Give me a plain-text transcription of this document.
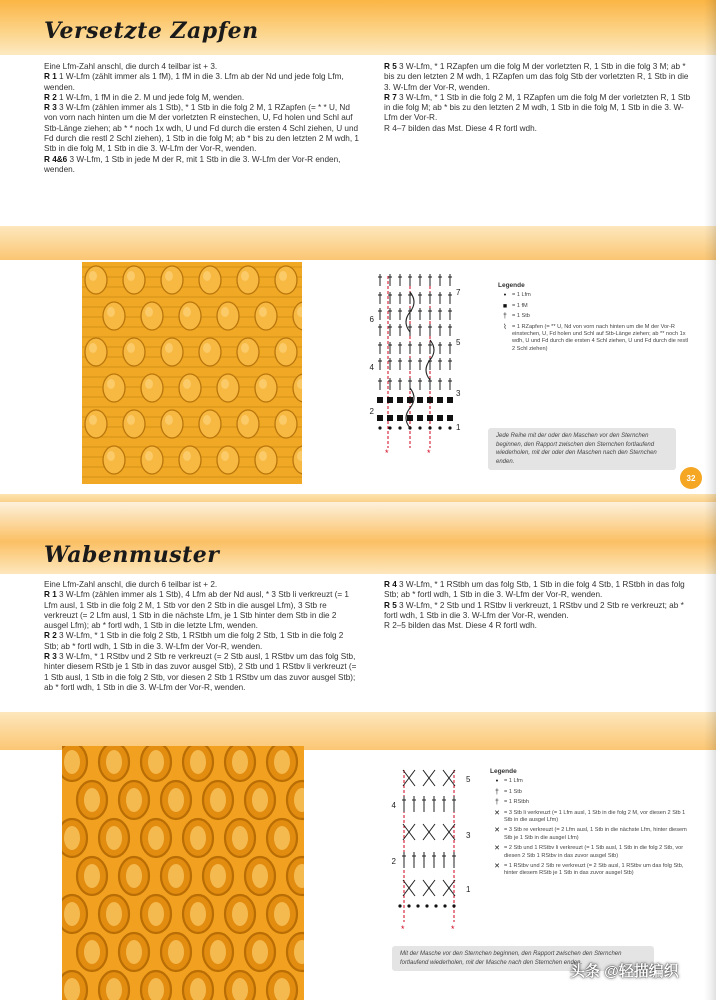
Versetzte Zapfen

Eine Lfm-Zahl anschl, die durch 4 teilbar ist + 3.

R 1 1 W-Lfm (zählt immer als 1 fM), 1 fM in die 3. Lfm ab der Nd und jede folg Lfm, wenden.

R 2 1 W-Lfm, 1 fM in die 2. M und jede folg M, wenden.

R 3 3 W-Lfm (zählen immer als 1 Stb), * 1 Stb in die folg 2 M, 1 RZapfen (= * * U, Nd von vorn nach hinten um die M der vorletzten R einstechen, U, Fd holen und Schl auf Stb-Länge ziehen; ab * * noch 1x wdh, U und Fd durch die ersten 4 Schl ziehen, U und Fd durch die restl 2 Schl ziehen), 1 Stb in die folg M; ab * bis zu den letzten 2 M wdh, 1 Stb in die folg M, 1 Stb in die 3. W-Lfm der Vor-R, wenden.

R 4&6 3 W-Lfm, 1 Stb in jede M der R, mit 1 Stb in die 3. W-Lfm der Vor-R enden, wenden.

R 5 3 W-Lfm, * 1 RZapfen um die folg M der vorletzten R, 1 Stb in die folg 3 M; ab * bis zu den letzten 2 M wdh, 1 RZapfen um das folg Stb der vorletzten R, 1 Stb in die 3. W-Lfm der Vor-R, wenden.

R 7 3 W-Lfm, * 1 Stb in die folg 2 M, 1 RZapfen um die folg M der vorletzten R, 1 Stb in die folg M; ab * bis zu den letzten 2 M wdh, 1 Stb in die folg M, 1 Stb in die 3. W-Lfm der Vor-R.

R 4–7 bilden das Mst. Diese 4 R fortl wdh.

6
4
2
7
5
3
1
*	*
Legende
•	= 1 Lfm
■ = 1 fM
† = 1 Stb
⌇ = 1 RZapfen (= ** U, Nd von vorn nach hinten um die M der Vor-R einstechen, U, Fd holen und Schl auf Stb-Länge ziehen; ab ** noch 1x wdh, U und Fd durch die ersten 4 Schl ziehen, U und Fd durch die restl 2 Schl ziehen)
Jede Reihe mit der oder den Maschen vor den Sternchen beginnen, den Rapport zwischen den Sternchen fortlaufend wiederholen, mit der oder den Maschen nach den Sternchen enden.
32
Wabenmuster

Eine Lfm-Zahl anschl, die durch 6 teilbar ist + 2.

R 1 3 W-Lfm (zählen immer als 1 Stb), 4 Lfm ab der Nd ausl, * 3 Stb li verkreuzt (= 1 Lfm ausl, 1 Stb in die folg 2 M, 1 Stb vor den 2 Stb in die ausgel Lfm), 3 Stb re verkreuzt (= 2 Lfm ausl, 1 Stb in die nächste Lfm, je 1 Stb hinter dem Stb in die 2 ausgel Lfm); ab * fortl wdh, 1 Stb in die letzte Lfm, wenden.

R 2 3 W-Lfm, * 1 Stb in die folg 2 Stb, 1 RStbh um die folg 2 Stb, 1 Stb in die folg 2 Stb; ab * fortl wdh, 1 Stb in die 3. W-Lfm der Vor-R, wenden.

R 3 3 W-Lfm, * 1 RStbv und 2 Stb re verkreuzt (= 2 Stb ausl, 1 RStbv um das folg Stb, hinter diesem RStb je 1 Stb in das zuvor ausgel Stb), 2 Stb und 1 RStbv li verkreuzt (= 1 Stb ausl, 1 Stb in die folg 2 Stb, vor diesen 2 Stb 1 RStbv um das zuvor ausgel Stb); ab * fortl wdh, 1 Stb in die 3. W-Lfm der Vor-R, wenden.

R 4 3 W-Lfm, * 1 RStbh um das folg Stb, 1 Stb in die folg 4 Stb, 1 RStbh in das folg Stb; ab * fortl wdh, 1 Stb in die 3. W-Lfm der Vor-R, wenden.

R 5 3 W-Lfm, * 2 Stb und 1 RStbv li verkreuzt, 1 RStbv und 2 Stb re verkreuzt; ab * fortl wdh, 1 Stb in die 3. W-Lfm der Vor-R, wenden.

R 2–5 bilden das Mst. Diese 4 R fortl wdh.

4
2
5
3
1
*	*
Legende
•	= 1 Lfm
† = 1 Stb
† = 1 RStbh
✕ = 3 Stb li verkreuzt (= 1 Lfm ausl, 1 Stb in die folg 2 M, vor diesen 2 Stb 1 Stb in die ausgel Lfm)
✕ = 3 Stb re verkreuzt (= 2 Lfm ausl, 1 Stb in die nächste Lfm, hinter diesem Stb je 1 Stb in die ausgel Lfm)
✕ = 2 Stb und 1 RStbv li verkreuzt (= 1 Stb ausl, 1 Stb in die folg 2 Stb, vor diesen 2 Stb 1 RStbv in das zuvor ausgel Stb)
✕ = 1 RStbv und 2 Stb re verkreuzt (= 2 Stb ausl, 1 RStbv um das folg Stb, hinter diesem RStb je 1 Stb in das zuvor ausgel Stb)
Mit der Masche vor den Sternchen beginnen, den Rapport zwischen den Sternchen fortlaufend wiederholen, mit der Masche nach den Sternchen enden.
头条 @轻描编织
